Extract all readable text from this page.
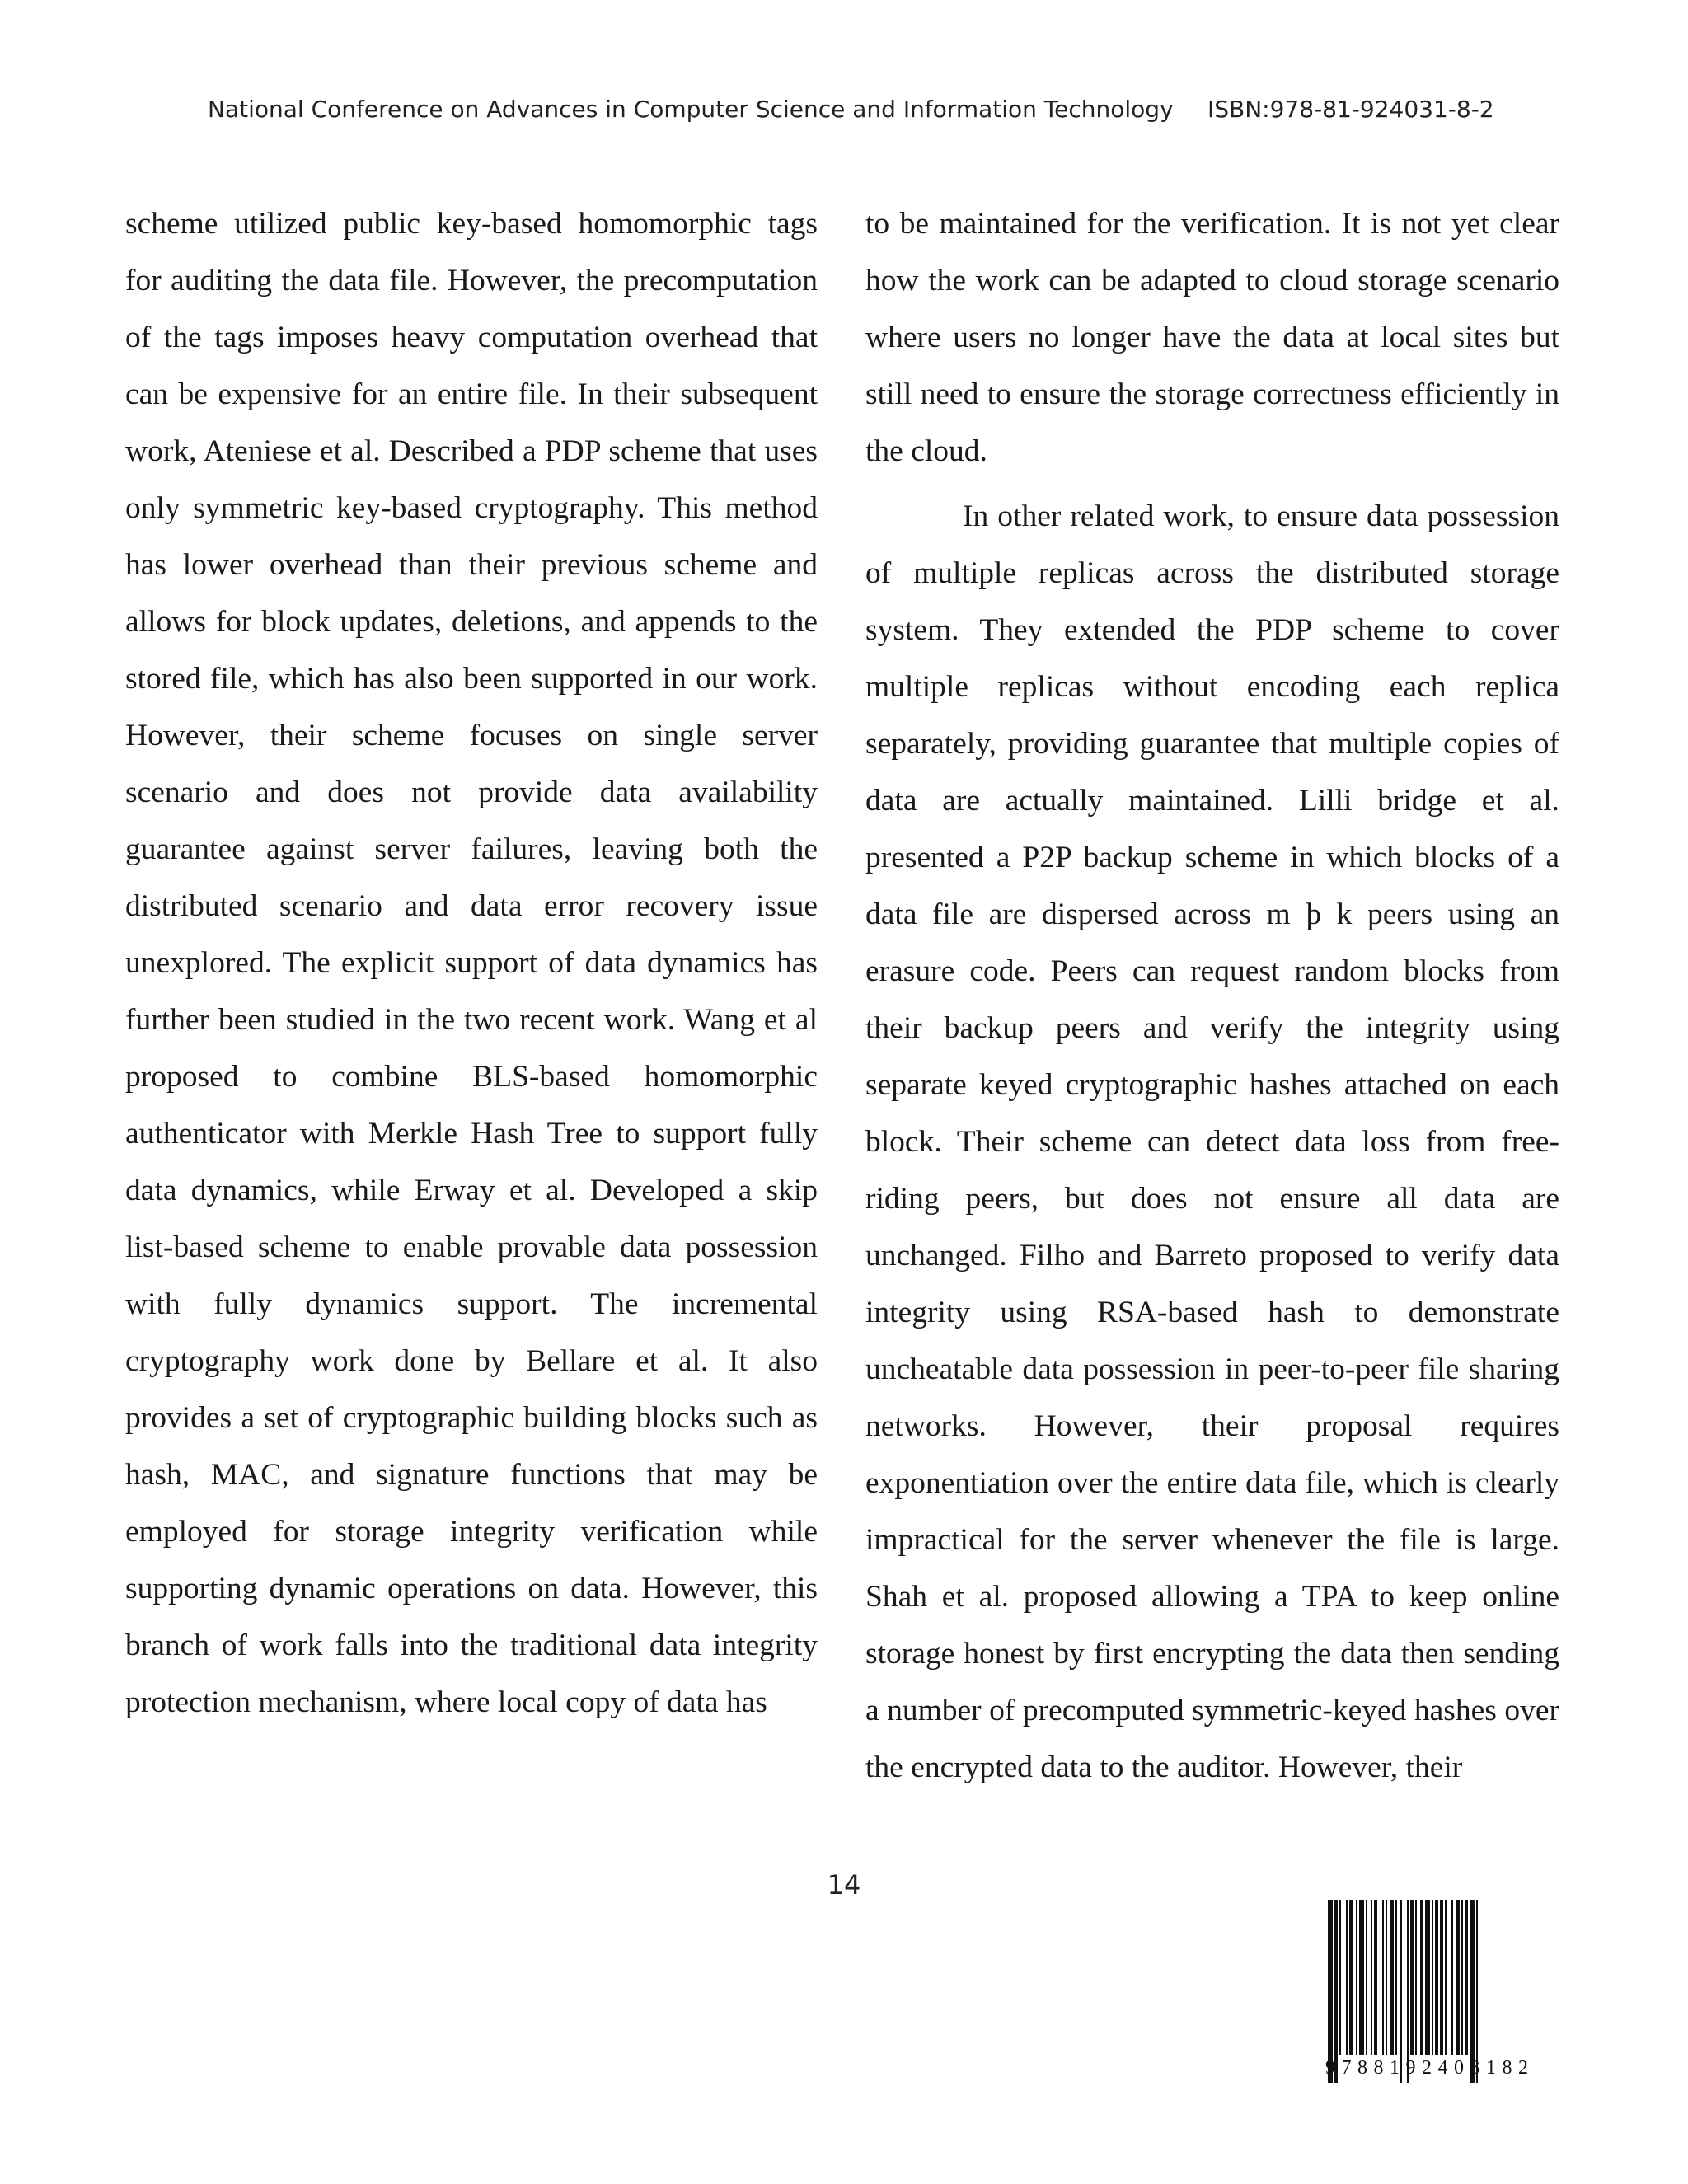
National Conference on Advances in Computer Science and Information Technology ISBN:978-81-924031-8-2

scheme utilized public key-based homomorphic tags for auditing the data file. However, the precomputation of the tags imposes heavy computation overhead that can be expensive for an entire file. In their subsequent work, Ateniese et al. Described a PDP scheme that uses only symmetric key-based cryptography. This method has lower overhead than their previous scheme and allows for block updates, deletions, and appends to the stored file, which has also been supported in our work. However, their scheme focuses on single server scenario and does not provide data availability guarantee against server failures, leaving both the distributed scenario and data error recovery issue unexplored. The explicit support of data dynamics has further been studied in the two recent work. Wang et al proposed to combine BLS-based homomorphic authenticator with Merkle Hash Tree to support fully data dynamics, while Erway et al. Developed a skip list-based scheme to enable provable data possession with fully dynamics support. The incremental cryptography work done by Bellare et al. It also provides a set of cryptographic building blocks such as hash, MAC, and signature functions that may be employed for storage integrity verification while supporting dynamic operations on data. However, this branch of work falls into the traditional data integrity protection mechanism, where local copy of data has

to be maintained for the verification. It is not yet clear how the work can be adapted to cloud storage scenario where users no longer have the data at local sites but still need to ensure the storage correctness efficiently in the cloud.

In other related work, to ensure data possession of multiple replicas across the distributed storage system. They extended the PDP scheme to cover multiple replicas without encoding each replica separately, providing guarantee that multiple copies of data are actually maintained. Lilli bridge et al. presented a P2P backup scheme in which blocks of a data file are dispersed across m þ k peers using an erasure code. Peers can request random blocks from their backup peers and verify the integrity using separate keyed cryptographic hashes attached on each block. Their scheme can detect data loss from free-riding peers, but does not ensure all data are unchanged. Filho and Barreto proposed to verify data integrity using RSA-based hash to demonstrate uncheatable data possession in peer-to-peer file sharing networks. However, their proposal requires exponentiation over the entire data file, which is clearly impractical for the server whenever the file is large. Shah et al. proposed allowing a TPA to keep online storage honest by first encrypting the data then sending a number of precomputed symmetric-keyed hashes over the encrypted data to the auditor. However, their

14
9788192403182
